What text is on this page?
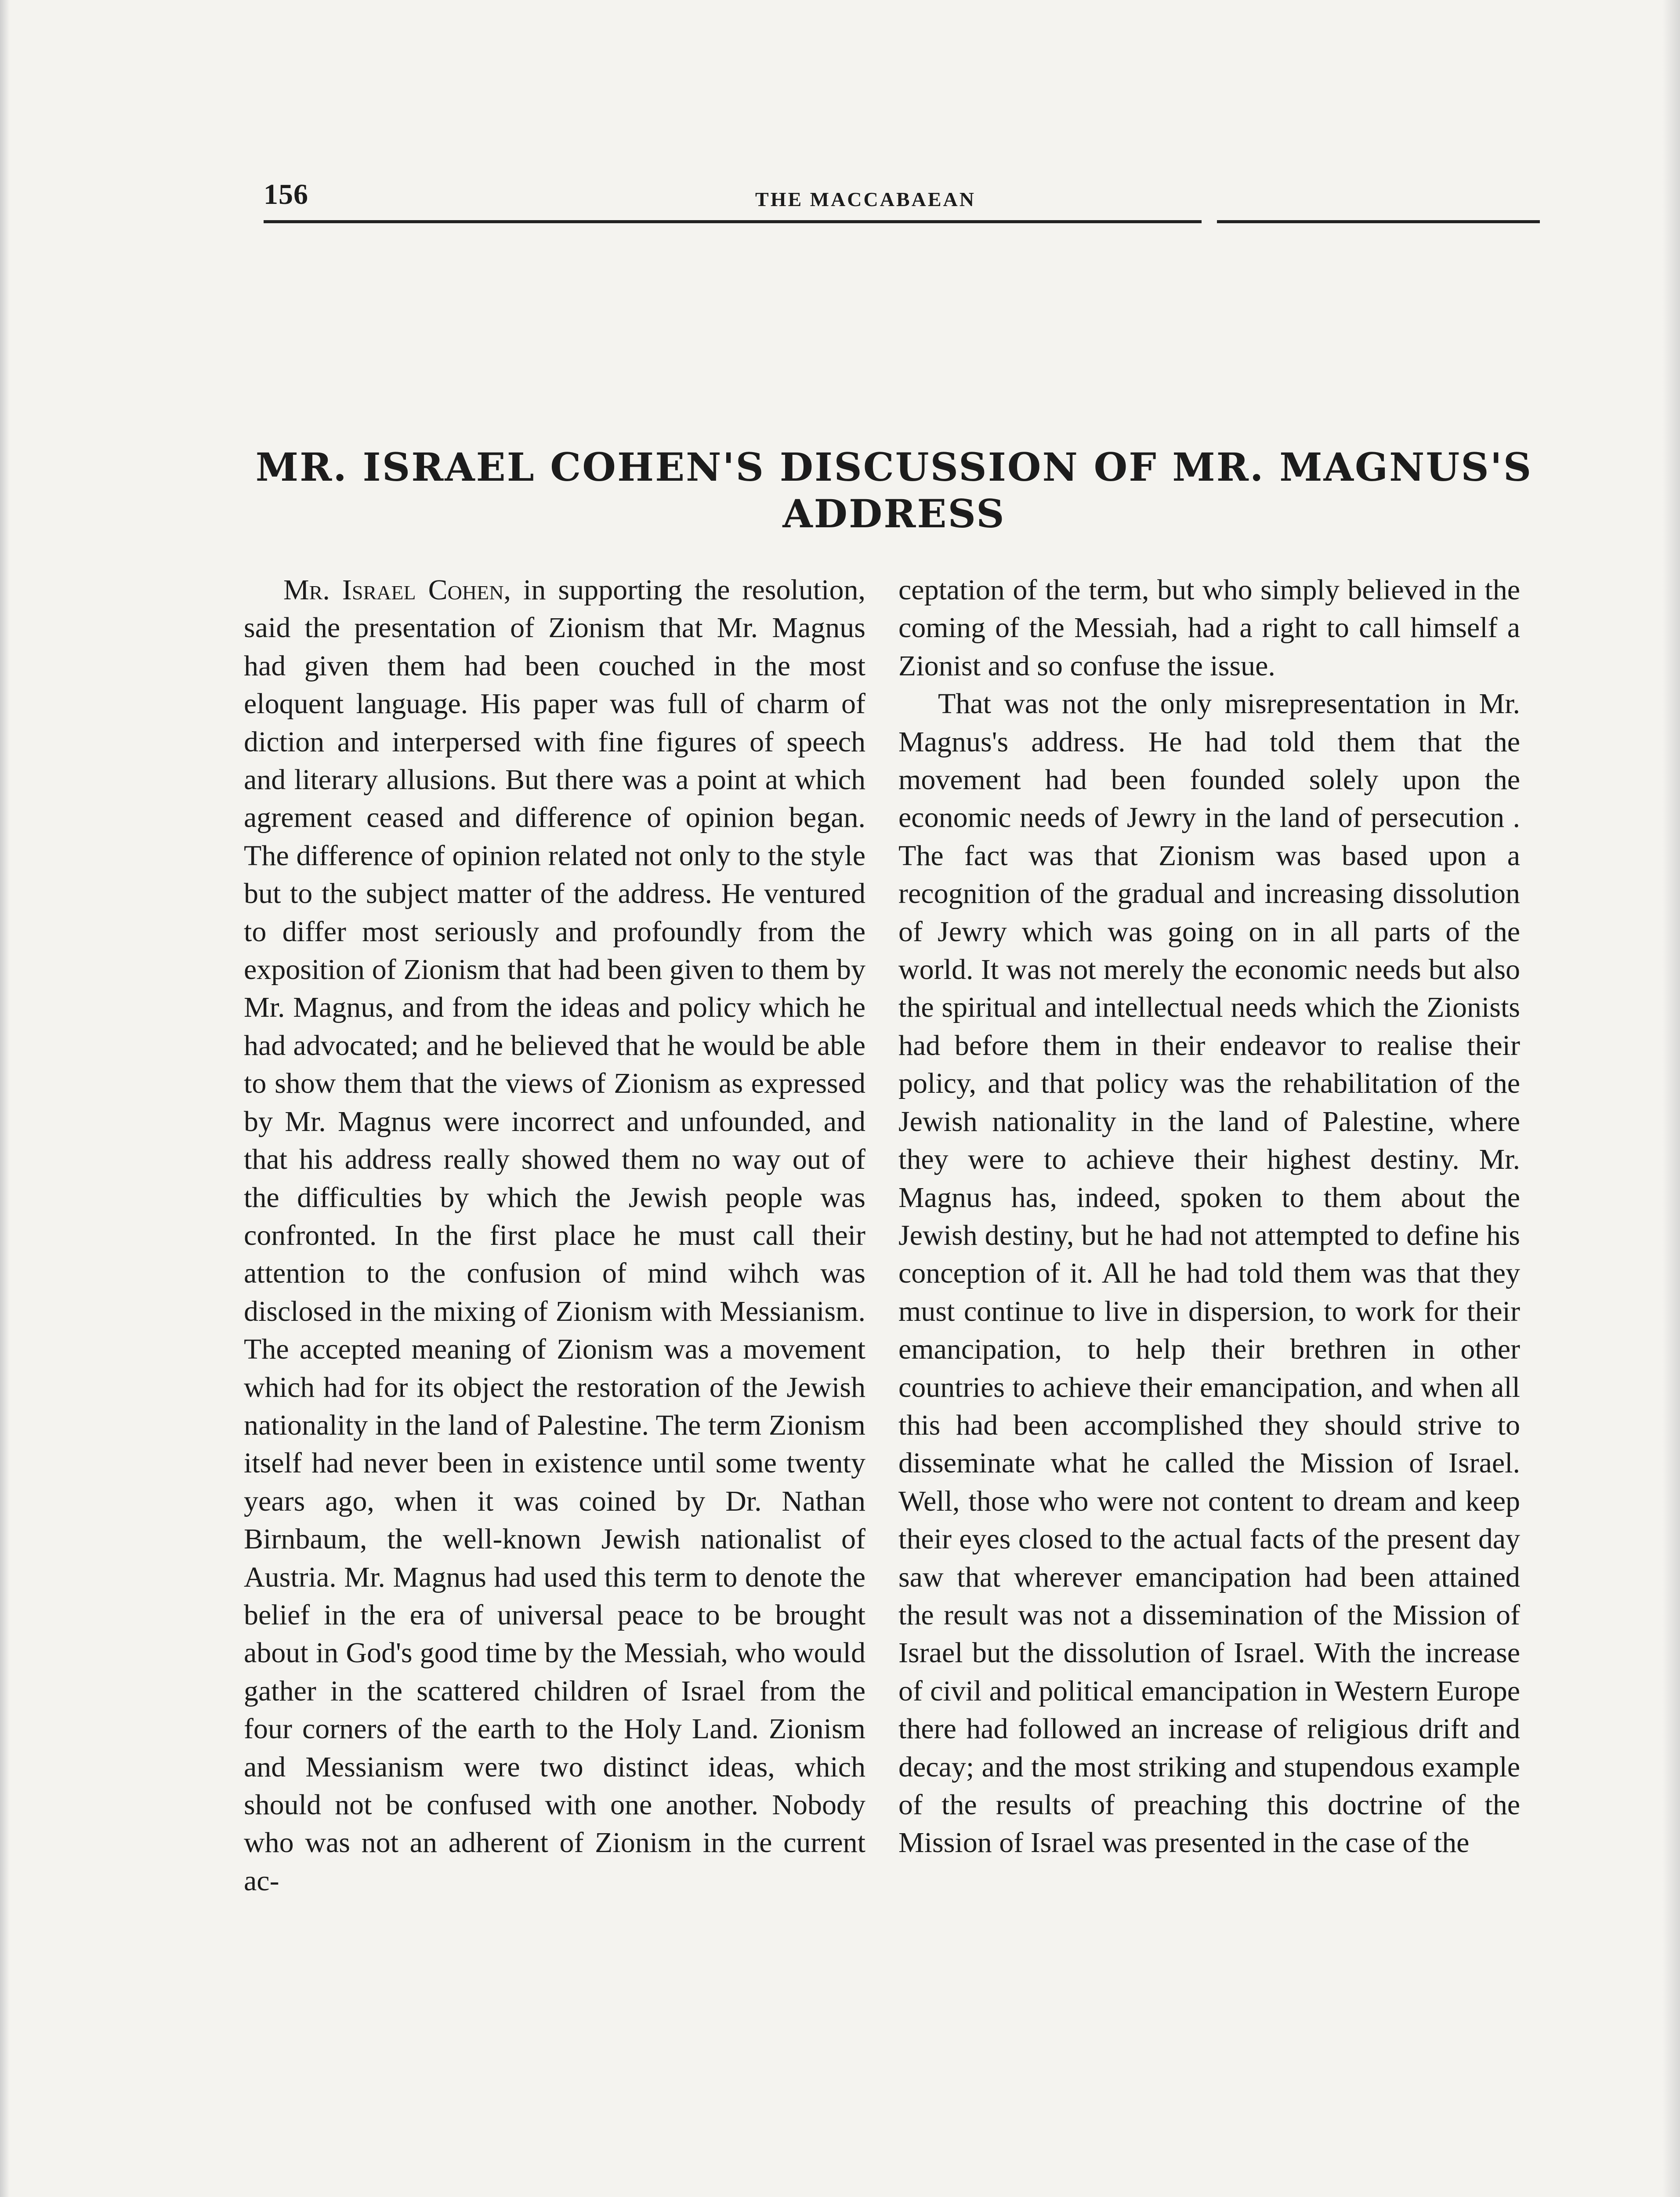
156	THE MACCABAEAN
MR. ISRAEL COHEN'S DISCUSSION OF MR. MAGNUS'S ADDRESS

Mr. Israel Cohen, in supporting the resolution, said the presentation of Zionism that Mr. Magnus had given them had been couched in the most eloquent language. His paper was full of charm of diction and interpersed with fine figures of speech and literary allusions. But there was a point at which agrement ceased and difference of opinion began. The difference of opinion related not only to the style but to the subject matter of the address. He ventured to differ most seriously and profoundly from the exposition of Zionism that had been given to them by Mr. Magnus, and from the ideas and policy which he had advocated; and he believed that he would be able to show them that the views of Zionism as expressed by Mr. Magnus were incorrect and unfounded, and that his address really showed them no way out of the difficulties by which the Jewish people was confronted. In the first place he must call their attention to the confusion of mind wihch was disclosed in the mixing of Zionism with Messianism. The accepted meaning of Zionism was a movement which had for its object the restoration of the Jewish nationality in the land of Palestine. The term Zionism itself had never been in existence until some twenty years ago, when it was coined by Dr. Nathan Birnbaum, the well-known Jewish nationalist of Austria. Mr. Magnus had used this term to denote the belief in the era of universal peace to be brought about in God's good time by the Messiah, who would gather in the scattered children of Israel from the four corners of the earth to the Holy Land. Zionism and Messianism were two distinct ideas, which should not be confused with one another. Nobody who was not an adherent of Zionism in the current ac-

ceptation of the term, but who simply believed in the coming of the Messiah, had a right to call himself a Zionist and so confuse the issue.

That was not the only misrepresentation in Mr. Magnus's address. He had told them that the movement had been founded solely upon the economic needs of Jewry in the land of persecution . The fact was that Zionism was based upon a recognition of the gradual and increasing dissolution of Jewry which was going on in all parts of the world. It was not merely the economic needs but also the spiritual and intellectual needs which the Zionists had before them in their endeavor to realise their policy, and that policy was the rehabilitation of the Jewish nationality in the land of Palestine, where they were to achieve their highest destiny. Mr. Magnus has, indeed, spoken to them about the Jewish destiny, but he had not attempted to define his conception of it. All he had told them was that they must continue to live in dispersion, to work for their emancipation, to help their brethren in other countries to achieve their emancipation, and when all this had been accomplished they should strive to disseminate what he called the Mission of Israel. Well, those who were not content to dream and keep their eyes closed to the actual facts of the present day saw that wherever emancipation had been attained the result was not a dissemination of the Mission of Israel but the dissolution of Israel. With the increase of civil and political emancipation in Western Europe there had followed an increase of religious drift and decay; and the most striking and stupendous example of the results of preaching this doctrine of the Mission of Israel was presented in the case of the
